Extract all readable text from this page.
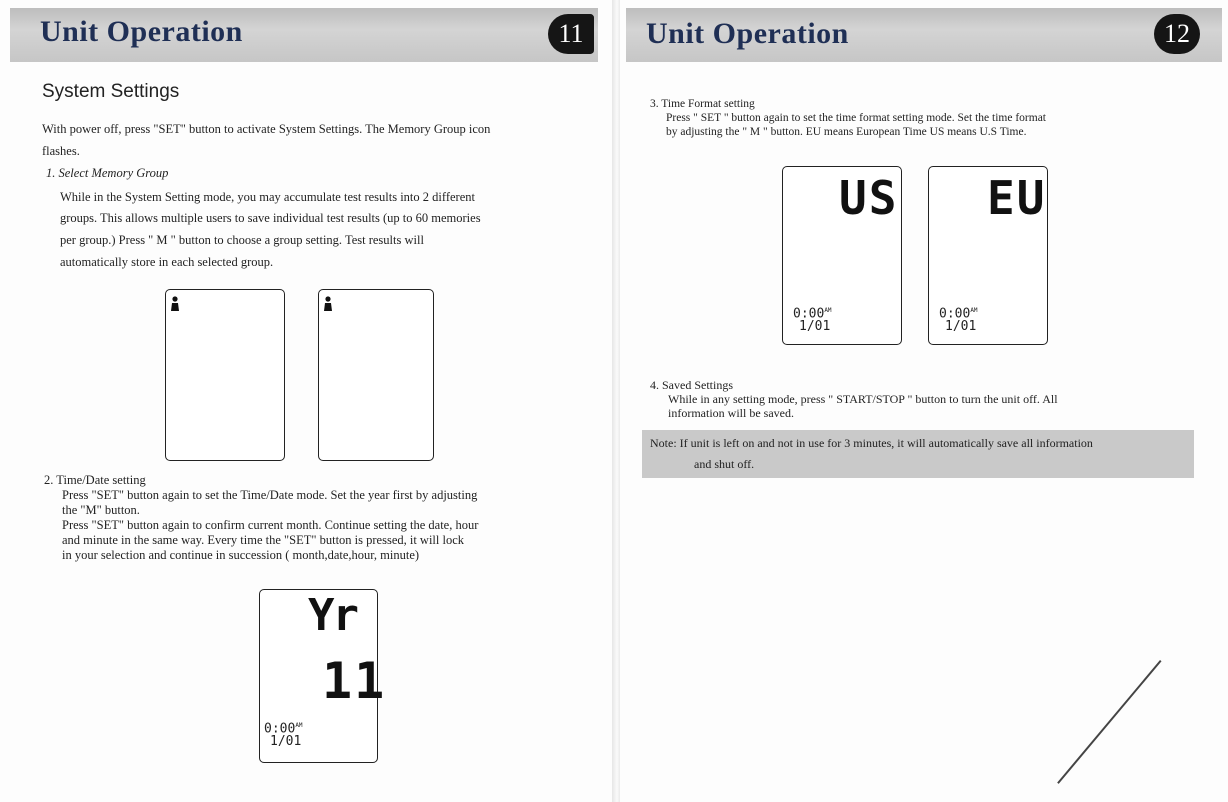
Unit Operation	11
System Settings
With power off, press "SET" button to activate System Settings. The Memory Group icon
flashes.
1. Select Memory Group
While in the System Setting mode, you may accumulate test results into 2 different
groups. This allows multiple users to save individual test results (up to 60 memories
per group.) Press " M " button to choose a group setting. Test results will
automatically store in each selected group.
2. Time/Date setting
Press "SET" button again to set the Time/Date mode. Set the year first by adjusting
the "M" button.
Press "SET" button again to confirm current month. Continue setting the date, hour
and minute in the same way. Every time the "SET" button is pressed, it will lock
in your selection and continue in succession ( month,date,hour, minute)
Yr
11
$0:00^{AM}$
1/01
Unit Operation	12
3. Time Format setting
Press " SET " button again to set the time format setting mode. Set the time format
by adjusting the " M " button. EU means European Time US means U.S Time.
US
$0:00^{AM}$
1/01
EU
$0:00^{AM}$
1/01
4. Saved Settings
While in any setting mode, press " START/STOP " button to turn the unit off. All
information will be saved.
Note: If unit is left on and not in use for 3 minutes, it will automatically save all information
and shut off.
